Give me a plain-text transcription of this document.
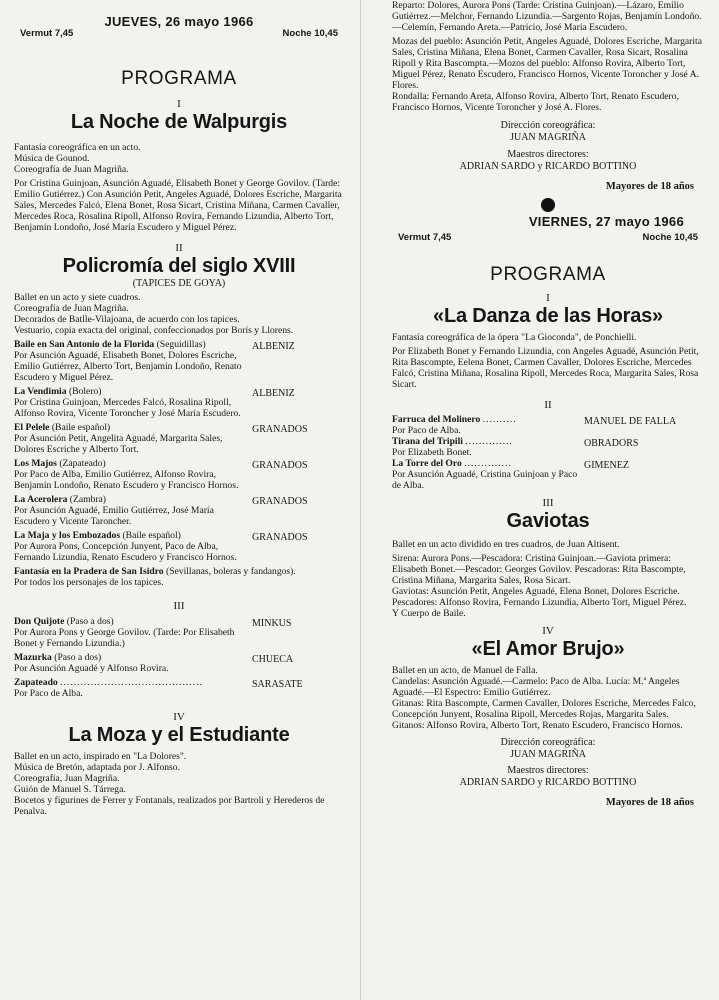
JUEVES, 26 mayo 1966

Vermut 7,45	Noche 10,45

PROGRAMA

I

La Noche de Walpurgis

Fantasía coreográfica en un acto.

Música de Gounod.

Coreografía de Juan Magriña.

Por Cristina Guinjoan, Asunción Aguadé, Elisabeth Bonet y George Govilov. (Tarde: Emilio Gutiérrez.) Con Asunción Petit, Angeles Aguadé, Dolores Escriche, Margarita Sales, Mercedes Falcó, Elena Bonet, Rosa Sicart, Cristina Miñana, Carmen Cavaller, Mercedes Roca, Rosalina Ripoll, Alfonso Rovira, Fernando Lizundia, Alberto Tort, Benjamín Londoño, José María Escudero y Miguel Pérez.

II

Policromía del siglo XVIII

(TAPICES DE GOYA)

Ballet en un acto y siete cuadros.

Coreografía de Juan Magriña.

Decorados de Batlle-Vilajoana, de acuerdo con los tapices.

Vestuario, copia exacta del original, confeccionados por Borís y Llorens.

Baile en San Antonio de la Florida (Seguidillas)

Por Asunción Aguadé, Elisabeth Bonet, Dolores Escriche, Emilio Gutiérrez, Alberto Tort, Benjamín Londoño, Renato Escudero y Miguel Pérez.

ALBENIZ

La Vendimia (Bolero)

Por Cristina Guinjoan, Mercedes Falcó, Rosalina Ripoll, Alfonso Rovira, Vicente Toroncher y José María Escudero.

ALBENIZ

El Pelele (Baile español)

Por Asunción Petit, Angelita Aguadé, Margarita Sales, Dolores Escriche y Alberto Tort.

GRANADOS

Los Majos (Zapateado)

Por Paco de Alba, Emilio Gutiérrez, Alfonso Rovira, Benjamín Londoño, Renato Escudero y Francisco Hornos.

GRANADOS

La Acerolera (Zambra)

Por Asunción Aguadé, Emilio Gutiérrez, José María Escudero y Vicente Taroncher.

GRANADOS

La Maja y los Embozados (Baile español)

Por Aurora Pons, Concepción Junyent, Paco de Alba, Fernando Lizundia, Renato Escudero y Francisco Hornos.

GRANADOS

Fantasía en la Pradera de San Isidro (Sevillanas, boleras y fandangos).

Por todos los personajes de los tapices.

III

Don Quijote (Paso a dos)

Por Aurora Pons y George Govilov. (Tarde: Por Elisabeth Bonet y Fernando Lizundia.)

MINKUS

Mazurka (Paso a dos)

Por Asunción Aguadé y Alfonso Rovira.

CHUECA

Zapateado ..........................................

Por Paco de Alba.

SARASATE

IV

La Moza y el Estudiante

Ballet en un acto, inspirado en "La Dolores".

Música de Bretón, adaptada por J. Alfonso.

Coreografía, Juan Magriña.

Guión de Manuel S. Tárrega.

Bocetos y figurines de Ferrer y Fontanals, realizados por Bartroli y Herederos de Penalva.

Reparto: Dolores, Aurora Pons (Tarde: Cristina Guinjoan).—Lázaro, Emilio Gutiérrez.—Melchor, Fernando Lizundia.—Sargento Rojas, Benjamín Londoño.—Celemín, Fernando Areta.—Patricio, José María Escudero.

Mozas del pueblo: Asunción Petit, Angeles Aguadé, Dolores Escriche, Margarita Sales, Cristina Miñana, Elena Bonet, Carmen Cavaller, Rosa Sicart, Rosalina Ripoll y Rita Bascompta.—Mozos del pueblo: Alfonso Rovira, Alberto Tort, Miguel Pérez, Renato Escudero, Francisco Hornos, Vicente Toroncher y José A. Flores.

Rondalla: Fernando Areta, Alfonso Rovira, Alberto Tort, Renato Escudero, Francisco Hornos, Vicente Toroncher y José A. Flores.

Dirección coreográfica:

JUAN MAGRIÑA

Maestros directores:

ADRIAN SARDO y RICARDO BOTTINO

Mayores de 18 años

VIERNES, 27 mayo 1966

Vermut 7,45	Noche 10,45

PROGRAMA

I

«La Danza de las Horas»

Fantasía coreográfica de la ópera "La Gioconda", de Ponchielli.

Por Elizabeth Bonet y Fernando Lizundia, con Angeles Aguadé, Asunción Petit, Rita Bascompte, Eelena Bonet, Carmen Cavaller, Dolores Escriche, Mercedes Falcó, Cristina Miñana, Rosalina Ripoll, Mercedes Roca, Margarita Sales, Rosa Sicart.

II

Farruca del Molinero ..........

Por Paco de Alba.

MANUEL DE FALLA

Tirana del Tripili ..............

Por Elizabeth Bonet.

OBRADORS

La Torre del Oro ..............

Por Asunción Aguadé, Cristina Guinjoan y Paco de Alba.

GIMENEZ

III

Gaviotas

Ballet en un acto dividido en tres cuadros, de Juan Altisent.

Sirena: Aurora Pons.—Pescadora: Cristina Guinjoan.—Gaviota primera: Elisabeth Bonet.—Pescador: Georges Govilov. Pescadoras: Rita Bascompte, Cristina Miñana, Margarita Sales, Rosa Sicart.

Gaviotas: Asunción Petit, Angeles Aguadé, Elena Bonet, Dolores Escriche.

Pescadores: Alfonso Rovira, Fernando Lizundia, Alberto Tort, Miguel Pérez.

Y Cuerpo de Baile.

IV

«El Amor Brujo»

Ballet en un acto, de Manuel de Falla.

Candelas: Asunción Aguadé.—Carmelo: Paco de Alba. Lucía: M.ª Angeles Aguadé.—El Espectro: Emilio Gutiérrez.

Gitanas: Rita Bascompte, Carmen Cavaller, Dolores Escriche, Mercedes Falco, Concepción Junyent, Rosalina Ripoll, Mercedes Rojas, Margarita Sales.

Gitanos: Alfonso Rovira, Alberto Tort, Renato Escudero, Francisco Hornos.

Dirección coreográfica:

JUAN MAGRIÑA

Maestros directores:

ADRIAN SARDO y RICARDO BOTTINO

Mayores de 18 años
